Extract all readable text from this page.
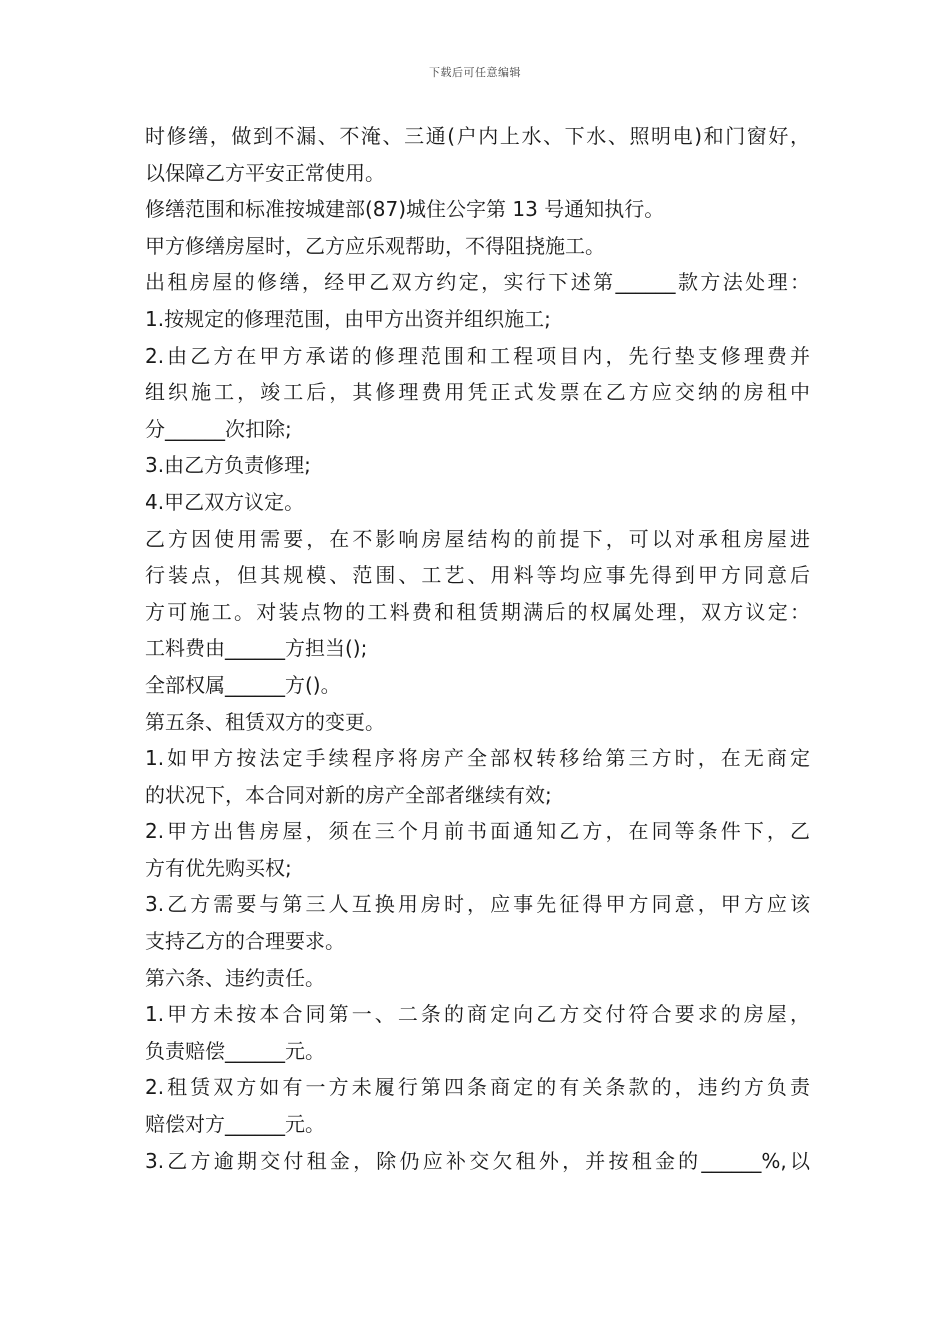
下载后可任意编辑
时修缮，做到不漏、不淹、三通(户内上水、下水、照明电)和门窗好，
以保障乙方平安正常使用。
修缮范围和标准按城建部(87)城住公字第 13 号通知执行。
甲方修缮房屋时，乙方应乐观帮助，不得阻挠施工。
出租房屋的修缮，经甲乙双方约定，实行下述第______款方法处理：
1.按规定的修理范围，由甲方出资并组织施工;
2.由乙方在甲方承诺的修理范围和工程项目内，先行垫支修理费并
组织施工，竣工后，其修理费用凭正式发票在乙方应交纳的房租中
分______次扣除;
3.由乙方负责修理;
4.甲乙双方议定。
乙方因使用需要，在不影响房屋结构的前提下，可以对承租房屋进
行装点，但其规模、范围、工艺、用料等均应事先得到甲方同意后
方可施工。对装点物的工料费和租赁期满后的权属处理，双方议定：
工料费由______方担当();
全部权属______方()。
第五条、租赁双方的变更。
1.如甲方按法定手续程序将房产全部权转移给第三方时，在无商定
的状况下，本合同对新的房产全部者继续有效;
2.甲方出售房屋，须在三个月前书面通知乙方，在同等条件下，乙
方有优先购买权;
3.乙方需要与第三人互换用房时，应事先征得甲方同意，甲方应该
支持乙方的合理要求。
第六条、违约责任。
1.甲方未按本合同第一、二条的商定向乙方交付符合要求的房屋，
负责赔偿______元。
2.租赁双方如有一方未履行第四条商定的有关条款的，违约方负责
赔偿对方______元。
3.乙方逾期交付租金，除仍应补交欠租外，并按租金的______%,以
